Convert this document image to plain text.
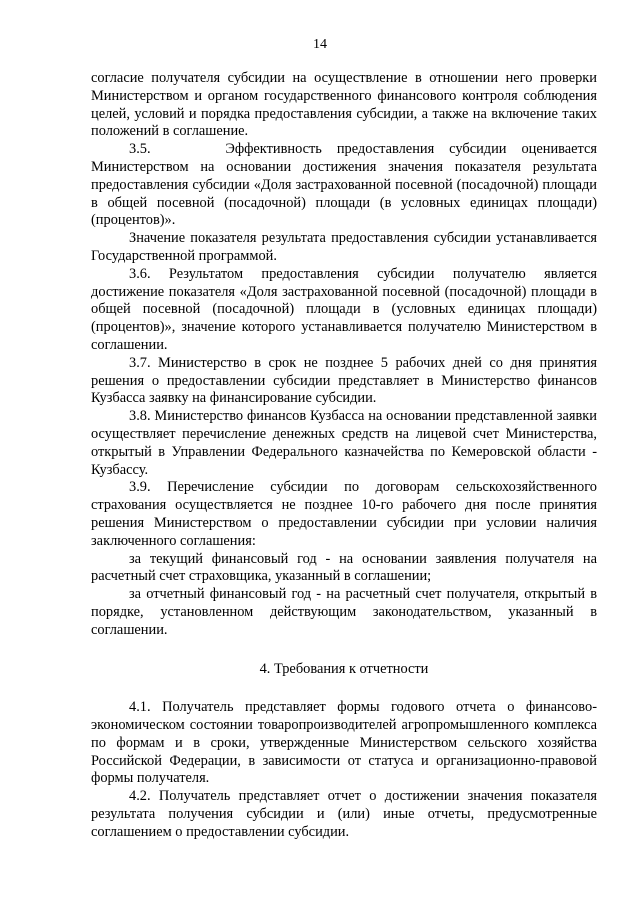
14

согласие получателя субсидии на осуществление в отношении него проверки Министерством и органом государственного финансового контроля соблюдения целей, условий и порядка предоставления субсидии, а также на включение таких положений в соглашение.

3.5.     Эффективность предоставления субсидии оценивается Министерством на основании достижения значения показателя результата предоставления субсидии «Доля застрахованной посевной (посадочной) площади в общей посевной (посадочной) площади (в условных единицах площади) (процентов)».

Значение показателя результата предоставления субсидии устанавливается Государственной программой.

3.6. Результатом предоставления субсидии получателю является достижение показателя «Доля застрахованной посевной (посадочной) площади в общей посевной (посадочной) площади в (условных единицах площади) (процентов)», значение которого устанавливается получателю Министерством в соглашении.

3.7. Министерство в срок не позднее 5 рабочих дней со дня принятия решения о предоставлении субсидии представляет в Министерство финансов Кузбасса заявку на финансирование субсидии.

3.8. Министерство финансов Кузбасса на основании представленной заявки осуществляет перечисление денежных средств на лицевой счет Министерства, открытый в Управлении Федерального казначейства по Кемеровской области - Кузбассу.

3.9. Перечисление субсидии по договорам сельскохозяйственного страхования осуществляется не позднее 10-го рабочего дня после принятия решения Министерством о предоставлении субсидии при условии наличия заключенного соглашения:

за текущий финансовый год - на основании заявления получателя на расчетный счет страховщика, указанный в соглашении;

за отчетный финансовый год - на расчетный счет получателя, открытый в порядке, установленном действующим законодательством, указанный в соглашении.

4. Требования к отчетности

4.1. Получатель представляет формы годового отчета о финансово-экономическом состоянии товаропроизводителей агропромышленного комплекса по формам и в сроки, утвержденные Министерством сельского хозяйства Российской Федерации, в зависимости от статуса и организационно-правовой формы получателя.

4.2. Получатель представляет отчет о достижении значения показателя результата получения субсидии и (или) иные отчеты, предусмотренные соглашением о предоставлении субсидии.
